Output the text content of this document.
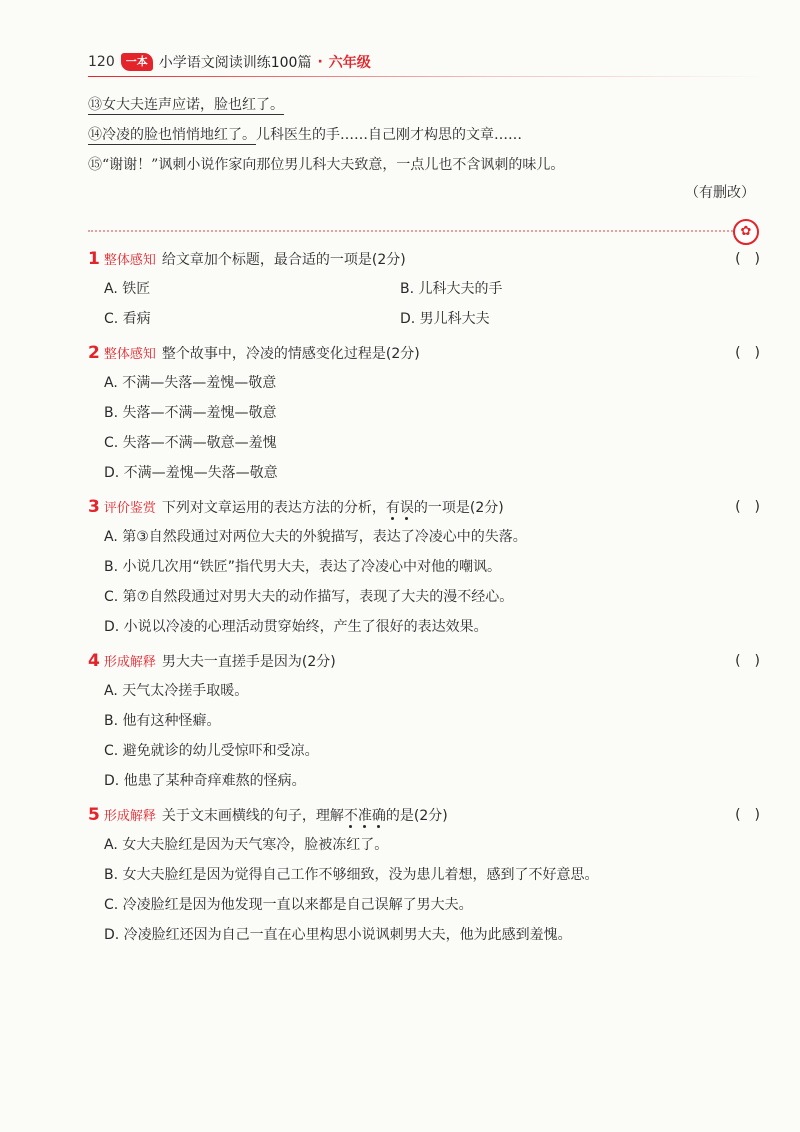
120	一本 小学语文阅读训练100篇 · 六年级
⑬女大夫连声应诺，脸也红了。
⑭冷凌的脸也悄悄地红了。儿科医生的手……自己刚才构思的文章……
⑮“谢谢！”讽刺小说作家向那位男儿科大夫致意，一点儿也不含讽刺的味儿。
（有删改）
✿
1 整体感知 给文章加个标题，最合适的一项是(2分)	(　)
A. 铁匠	B. 儿科大夫的手
C. 看病	D. 男儿科大夫
2 整体感知 整个故事中，冷凌的情感变化过程是(2分)	(　)
A. 不满—失落—羞愧—敬意
B. 失落—不满—羞愧—敬意
C. 失落—不满—敬意—羞愧
D. 不满—羞愧—失落—敬意
3 评价鉴赏 下列对文章运用的表达方法的分析，有误的一项是(2分)	(　)
A. 第③自然段通过对两位大夫的外貌描写，表达了冷凌心中的失落。
B. 小说几次用“铁匠”指代男大夫，表达了冷凌心中对他的嘲讽。
C. 第⑦自然段通过对男大夫的动作描写，表现了大夫的漫不经心。
D. 小说以冷凌的心理活动贯穿始终，产生了很好的表达效果。
4 形成解释 男大夫一直搓手是因为(2分)	(　)
A. 天气太冷搓手取暖。
B. 他有这种怪癖。
C. 避免就诊的幼儿受惊吓和受凉。
D. 他患了某种奇痒难熬的怪病。
5 形成解释 关于文末画横线的句子，理解不准确的是(2分)	(　)
A. 女大夫脸红是因为天气寒冷，脸被冻红了。
B. 女大夫脸红是因为觉得自己工作不够细致，没为患儿着想，感到了不好意思。
C. 冷凌脸红是因为他发现一直以来都是自己误解了男大夫。
D. 冷凌脸红还因为自己一直在心里构思小说讽刺男大夫，他为此感到羞愧。
